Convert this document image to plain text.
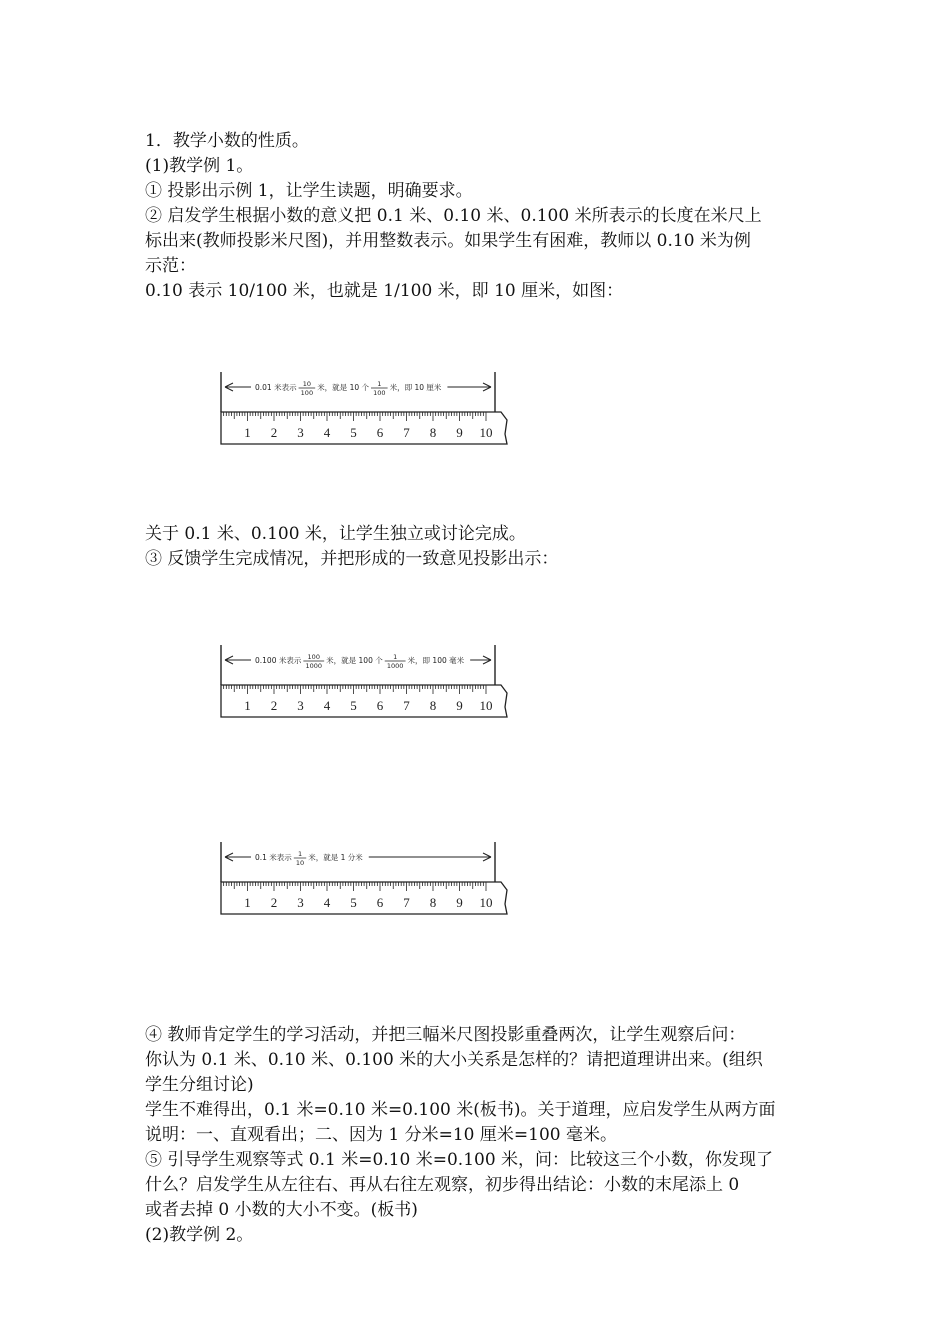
1．教学小数的性质。
(1)教学例 1。
① 投影出示例 1，让学生读题，明确要求。
② 启发学生根据小数的意义把 0.1 米、0.10 米、0.100 米所表示的长度在米尺上
标出来(教师投影米尺图)，并用整数表示。如果学生有困难，教师以 0.10 米为例
示范：
0.10 表示 10/100 米，也就是 1/100 米，即 10 厘米，如图：
0.01 米表示 10
100
米，就是 10 个 1
100
米，即 10 厘米
1 2 3 4 5 6 7 8 9 10
关于 0.1 米、0.100 米，让学生独立或讨论完成。
③ 反馈学生完成情况，并把形成的一致意见投影出示：
0.100 米表示 100
1000
米，就是 100 个 1
1000
米，即 100 毫米
1 2 3 4 5 6 7 8 9 10
0.1 米表示 1
10
米，就是 1 分米
1 2 3 4 5 6 7 8 9 10
④ 教师肯定学生的学习活动，并把三幅米尺图投影重叠两次，让学生观察后问：
你认为 0.1 米、0.10 米、0.100 米的大小关系是怎样的？请把道理讲出来。(组织
学生分组讨论)
学生不难得出，0.1 米=0.10 米=0.100 米(板书)。关于道理，应启发学生从两方面
说明：一、直观看出；二、因为 1 分米=10 厘米=100 毫米。
⑤ 引导学生观察等式 0.1 米=0.10 米=0.100 米，问：比较这三个小数，你发现了
什么？启发学生从左往右、再从右往左观察，初步得出结论：小数的末尾添上 0
或者去掉 0 小数的大小不变。(板书)
(2)教学例 2。
